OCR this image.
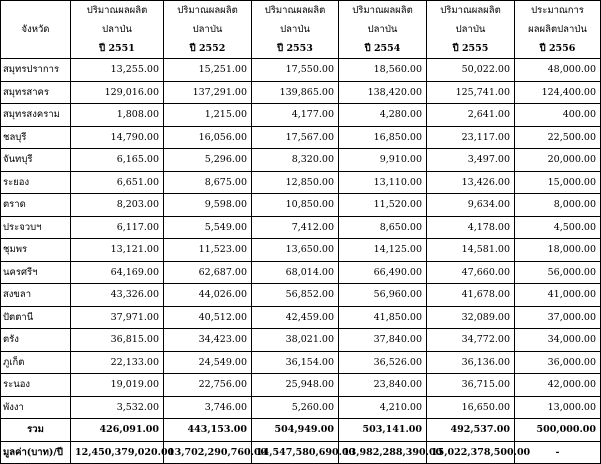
จังหวัด	ปริมาณผลผลิต	ปริมาณผลผลิต	ปริมาณผลผลิต	ปริมาณผลผลิต	ปริมาณผลผลิต	ประมาณการ
	ปลาป่น	ปลาป่น	ปลาป่น	ปลาป่น	ปลาป่น	ผลผลิตปลาป่น
	ปี 2551	ปี 2552	ปี 2553	ปี 2554	ปี 2555	ปี 2556
สมุทรปราการ	13,255.00	15,251.00	17,550.00	18,560.00	50,022.00	48,000.00
สมุทรสาคร	129,016.00	137,291.00	139,865.00	138,420.00	125,741.00	124,400.00
สมุทรสงคราม	1,808.00	1,215.00	4,177.00	4,280.00	2,641.00	400.00
ชลบุรี	14,790.00	16,056.00	17,567.00	16,850.00	23,117.00	22,500.00
จันทบุรี	6,165.00	5,296.00	8,320.00	9,910.00	3,497.00	20,000.00
ระยอง	6,651.00	8,675.00	12,850.00	13,110.00	13,426.00	15,000.00
ตราด	8,203.00	9,598.00	10,850.00	11,520.00	9,634.00	8,000.00
ประจวบฯ	6,117.00	5,549.00	7,412.00	8,650.00	4,178.00	4,500.00
ชุมพร	13,121.00	11,523.00	13,650.00	14,125.00	14,581.00	18,000.00
นครศรีฯ	64,169.00	62,687.00	68,014.00	66,490.00	47,660.00	56,000.00
สงขลา	43,326.00	44,026.00	56,852.00	56,960.00	41,678.00	41,000.00
ปัตตานี	37,971.00	40,512.00	42,459.00	41,850.00	32,089.00	37,000.00
ตรัง	36,815.00	34,423.00	38,021.00	37,840.00	34,772.00	34,000.00
ภูเก็ต	22,133.00	24,549.00	36,154.00	36,526.00	36,136.00	36,000.00
ระนอง	19,019.00	22,756.00	25,948.00	23,840.00	36,715.00	42,000.00
พังงา	3,532.00	3,746.00	5,260.00	4,210.00	16,650.00	13,000.00
รวม	426,091.00	443,153.00	504,949.00	503,141.00	492,537.00	500,000.00
มูลค่า(บาท)/ปี	12,450,379,020.00	13,702,290,760.00	14,547,580,690.00	13,982,288,390.00	15,022,378,500.00	-
